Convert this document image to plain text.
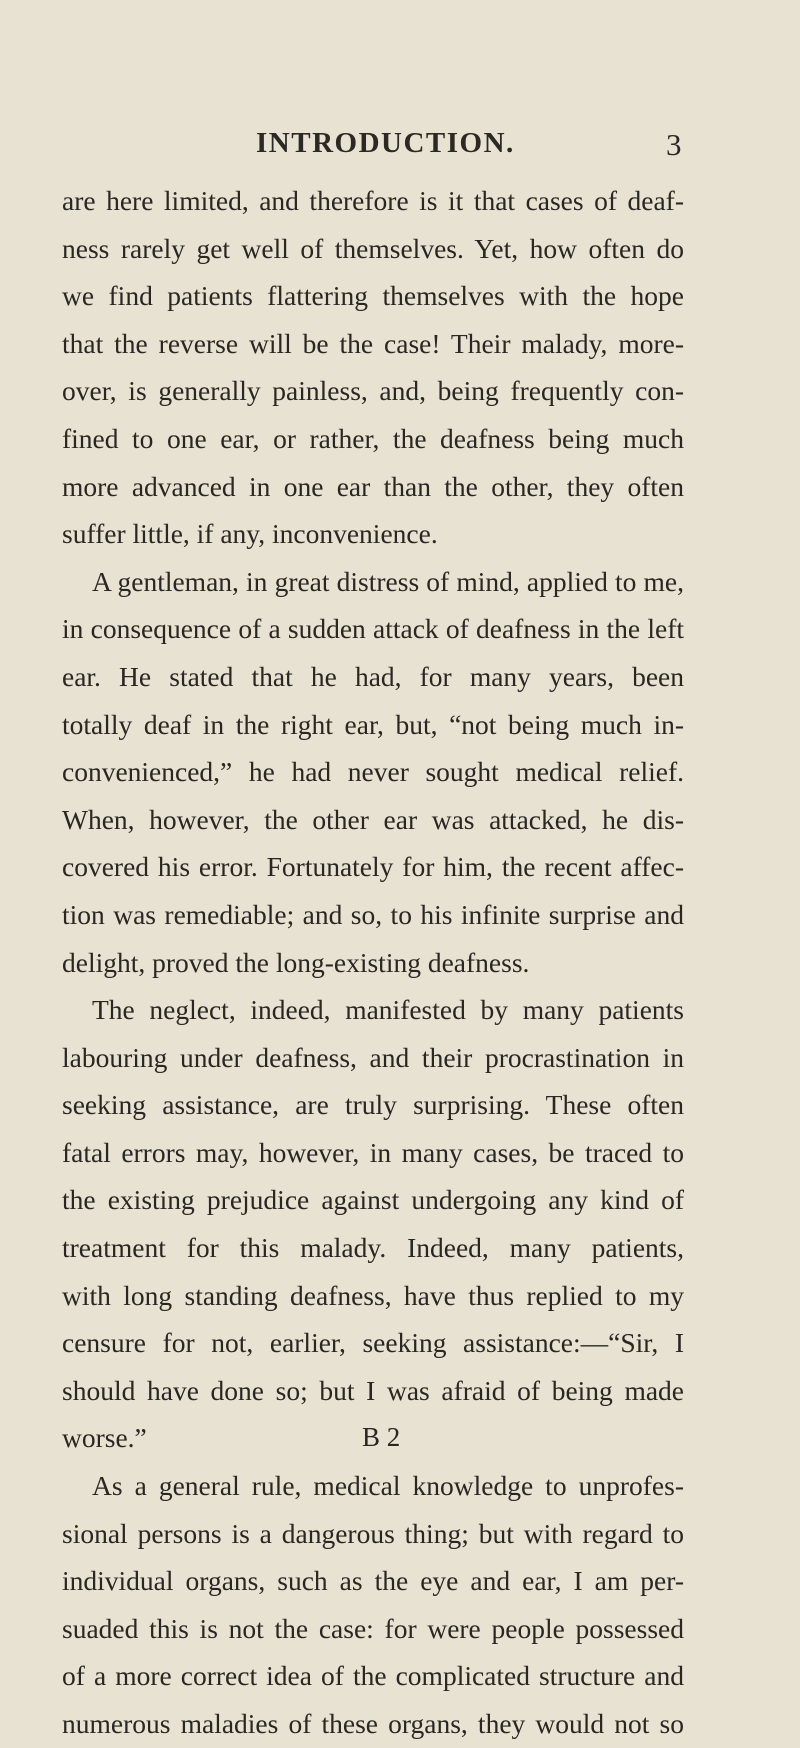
INTRODUCTION.	3
are here limited, and therefore is it that cases of deaf-
ness rarely get well of themselves. Yet, how often do
we find patients flattering themselves with the hope
that the reverse will be the case! Their malady, more-
over, is generally painless, and, being frequently con-
fined to one ear, or rather, the deafness being much
more advanced in one ear than the other, they often
suffer little, if any, inconvenience.
A gentleman, in great distress of mind, applied to me,
in consequence of a sudden attack of deafness in the left
ear. He stated that he had, for many years, been
totally deaf in the right ear, but, “not being much in-
convenienced,” he had never sought medical relief.
When, however, the other ear was attacked, he dis-
covered his error. Fortunately for him, the recent affec-
tion was remediable; and so, to his infinite surprise and
delight, proved the long-existing deafness.
The neglect, indeed, manifested by many patients
labouring under deafness, and their procrastination in
seeking assistance, are truly surprising. These often
fatal errors may, however, in many cases, be traced to
the existing prejudice against undergoing any kind of
treatment for this malady. Indeed, many patients,
with long standing deafness, have thus replied to my
censure for not, earlier, seeking assistance:—“Sir, I
should have done so; but I was afraid of being made
worse.”
As a general rule, medical knowledge to unprofes-
sional persons is a dangerous thing; but with regard to
individual organs, such as the eye and ear, I am per-
suaded this is not the case: for were people possessed
of a more correct idea of the complicated structure and
numerous maladies of these organs, they would not so
B 2
